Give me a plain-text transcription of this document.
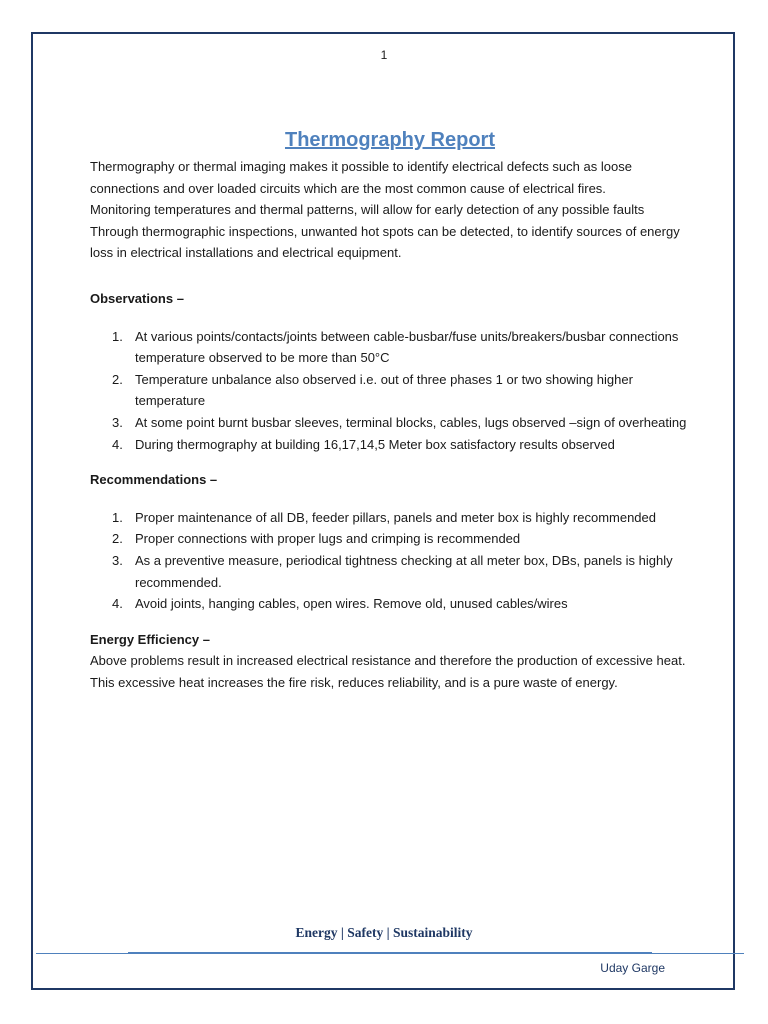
1
Thermography Report

Thermography or thermal imaging makes it possible to identify electrical defects such as loose connections and over loaded circuits which are the most common cause of electrical fires.

Monitoring temperatures and thermal patterns, will allow for early detection of any possible faults

Through thermographic inspections, unwanted hot spots can be detected, to identify sources of energy loss in electrical installations and electrical equipment.

Observations –

1. At various points/contacts/joints between cable-busbar/fuse units/breakers/busbar connections temperature observed to be more than 50°C
2. Temperature unbalance also observed i.e. out of three phases 1 or two showing higher temperature
3. At some point burnt busbar sleeves, terminal blocks, cables, lugs observed –sign of overheating
4. During thermography at building 16,17,14,5 Meter box satisfactory results observed

Recommendations –

1. Proper maintenance of all DB, feeder pillars, panels and meter box is highly recommended
2. Proper connections with proper lugs and crimping is recommended
3. As a preventive measure, periodical tightness checking at all meter box, DBs, panels is highly recommended.
4. Avoid joints, hanging cables, open wires. Remove old, unused cables/wires

Energy Efficiency –

Above problems result in increased electrical resistance and therefore the production of excessive heat. This excessive heat increases the fire risk, reduces reliability, and is a pure waste of energy.

Energy | Safety | Sustainability
Uday Garge
